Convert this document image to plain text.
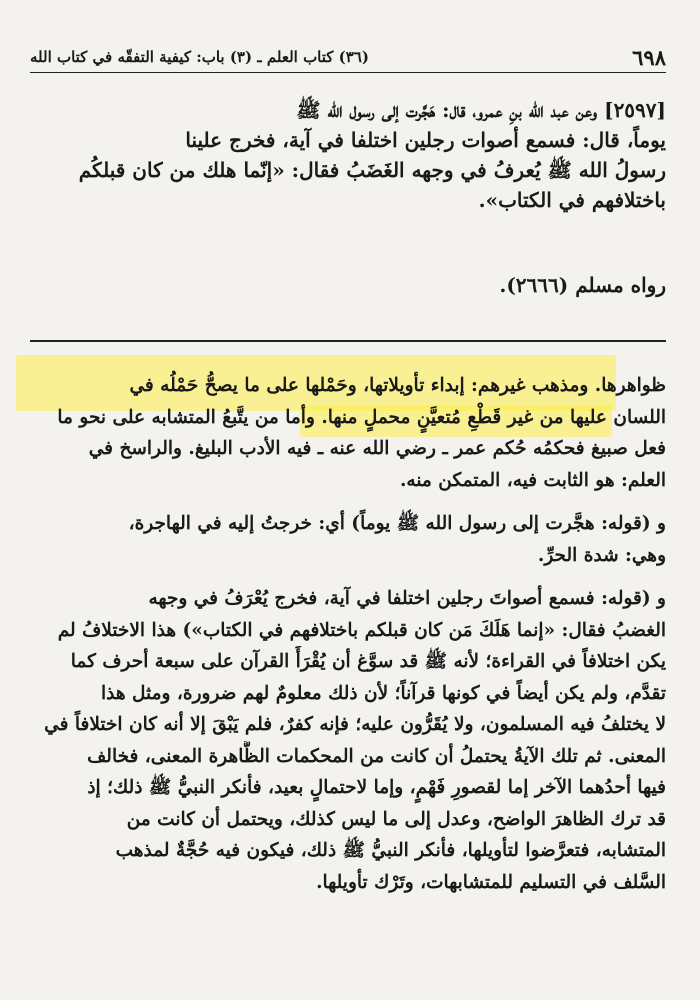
٦٩٨
(٣٦) كتاب العلم ـ (٣) باب: كيفية التفقّه في كتاب الله
[٢٥٩٧] وعن عبد الله بنِ عمرو، قال: هَجَّرت إلى رسول الله ﷺ
يوماً، قال: فسمع أصوات رجلين اختلفا في آية، فخرج علينا
رسولُ الله ﷺ يُعرفُ في وجهه الغَضَبُ فقال: «إنّما هلك من كان قبلكُم
باختلافهم في الكتاب».
رواه مسلم (٢٦٦٦).
ظواهرها. ومذهب غيرهم: إبداء تأويلاتها، وحَمْلها على ما يصحُّ حَمْلُه في
اللسان عليها من غير قَطْعِ مُتعيَّنٍ محملٍ منها. وأما من يتَّبعُ المتشابه على نحو ما
فعل صبيغ فحكمُه حُكم عمر ـ رضي الله عنه ـ فيه الأدب البليغ. والراسخ في
العلم: هو الثابت فيه، المتمكن منه.
و (قوله: هجَّرت إلى رسول الله ﷺ يوماً) أي: خرجتُ إليه في الهاجرة،
وهي: شدة الحرِّ.
و (قوله: فسمع أصواتَ رجلين اختلفا في آية، فخرج يُعْرَفُ في وجهه
الغضبُ فقال: «إنما هَلَكَ مَن كان قبلكم باختلافهم في الكتاب») هذا الاختلافُ لم
يكن اختلافاً في القراءة؛ لأنه ﷺ قد سوَّغ أن يُقْرَأَ القرآن على سبعة أحرف كما
تقدَّم، ولم يكن أيضاً في كونها قرآناً؛ لأن ذلك معلومٌ لهم ضرورة، ومثل هذا
لا يختلفُ فيه المسلمون، ولا يُقَرُّون عليه؛ فإنه كفرٌ، فلم يَبْقَ إلا أنه كان اختلافاً في
المعنى. ثم تلك الآيةُ يحتملُ أن كانت من المحكمات الظَّاهرة المعنى، فخالف
فيها أحدُهما الآخر إما لقصورِ فَهْمٍ، وإما لاحتمالٍ بعيد، فأنكر النبيُّ ﷺ ذلك؛ إذ
قد ترك الظاهرَ الواضح، وعدل إلى ما ليس كذلك، ويحتمل أن كانت من
المتشابه، فتعرَّضوا لتأويلها، فأنكر النبيُّ ﷺ ذلك، فيكون فيه حُجَّةٌ لمذهب
السَّلف في التسليم للمتشابهات، وتَرْك تأويلها.
